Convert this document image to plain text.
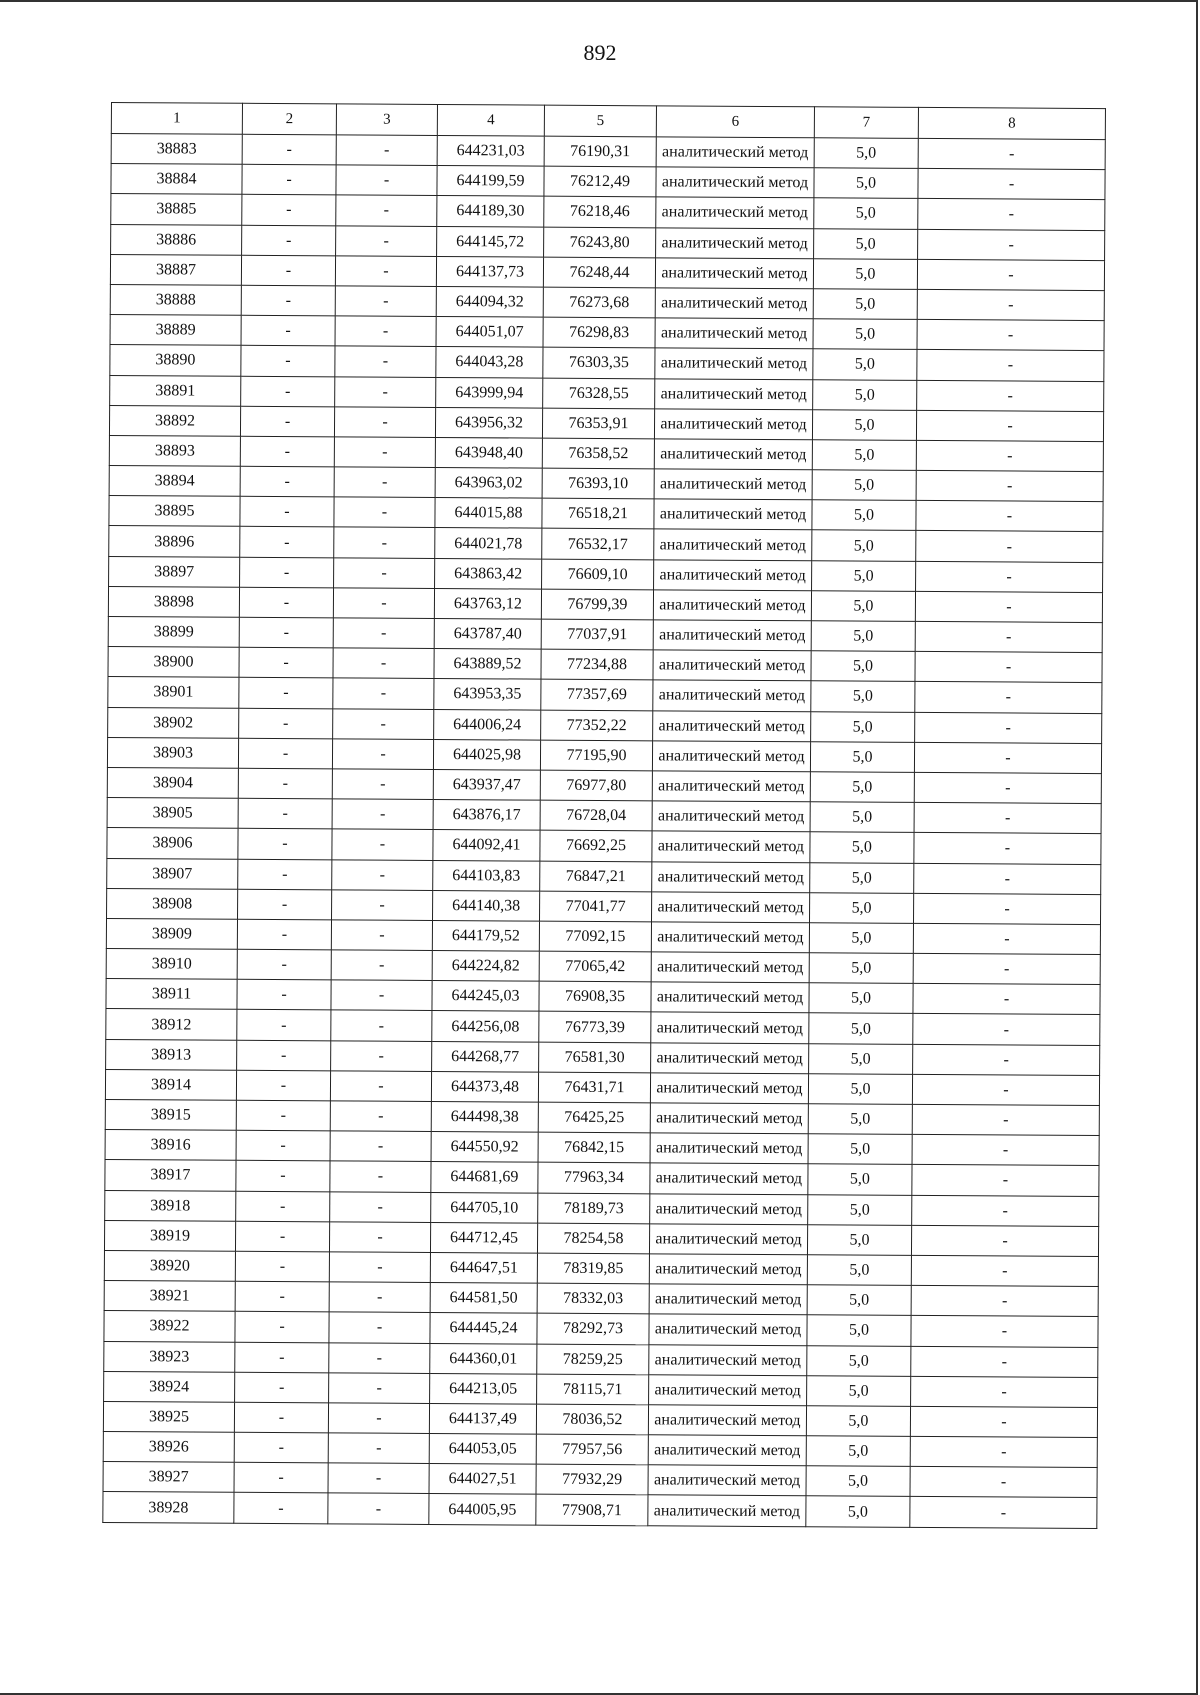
892
1	2	3	4	5	6	7	8
38883	-	-	644231,03	76190,31	аналитический метод	5,0	-
38884	-	-	644199,59	76212,49	аналитический метод	5,0	-
38885	-	-	644189,30	76218,46	аналитический метод	5,0	-
38886	-	-	644145,72	76243,80	аналитический метод	5,0	-
38887	-	-	644137,73	76248,44	аналитический метод	5,0	-
38888	-	-	644094,32	76273,68	аналитический метод	5,0	-
38889	-	-	644051,07	76298,83	аналитический метод	5,0	-
38890	-	-	644043,28	76303,35	аналитический метод	5,0	-
38891	-	-	643999,94	76328,55	аналитический метод	5,0	-
38892	-	-	643956,32	76353,91	аналитический метод	5,0	-
38893	-	-	643948,40	76358,52	аналитический метод	5,0	-
38894	-	-	643963,02	76393,10	аналитический метод	5,0	-
38895	-	-	644015,88	76518,21	аналитический метод	5,0	-
38896	-	-	644021,78	76532,17	аналитический метод	5,0	-
38897	-	-	643863,42	76609,10	аналитический метод	5,0	-
38898	-	-	643763,12	76799,39	аналитический метод	5,0	-
38899	-	-	643787,40	77037,91	аналитический метод	5,0	-
38900	-	-	643889,52	77234,88	аналитический метод	5,0	-
38901	-	-	643953,35	77357,69	аналитический метод	5,0	-
38902	-	-	644006,24	77352,22	аналитический метод	5,0	-
38903	-	-	644025,98	77195,90	аналитический метод	5,0	-
38904	-	-	643937,47	76977,80	аналитический метод	5,0	-
38905	-	-	643876,17	76728,04	аналитический метод	5,0	-
38906	-	-	644092,41	76692,25	аналитический метод	5,0	-
38907	-	-	644103,83	76847,21	аналитический метод	5,0	-
38908	-	-	644140,38	77041,77	аналитический метод	5,0	-
38909	-	-	644179,52	77092,15	аналитический метод	5,0	-
38910	-	-	644224,82	77065,42	аналитический метод	5,0	-
38911	-	-	644245,03	76908,35	аналитический метод	5,0	-
38912	-	-	644256,08	76773,39	аналитический метод	5,0	-
38913	-	-	644268,77	76581,30	аналитический метод	5,0	-
38914	-	-	644373,48	76431,71	аналитический метод	5,0	-
38915	-	-	644498,38	76425,25	аналитический метод	5,0	-
38916	-	-	644550,92	76842,15	аналитический метод	5,0	-
38917	-	-	644681,69	77963,34	аналитический метод	5,0	-
38918	-	-	644705,10	78189,73	аналитический метод	5,0	-
38919	-	-	644712,45	78254,58	аналитический метод	5,0	-
38920	-	-	644647,51	78319,85	аналитический метод	5,0	-
38921	-	-	644581,50	78332,03	аналитический метод	5,0	-
38922	-	-	644445,24	78292,73	аналитический метод	5,0	-
38923	-	-	644360,01	78259,25	аналитический метод	5,0	-
38924	-	-	644213,05	78115,71	аналитический метод	5,0	-
38925	-	-	644137,49	78036,52	аналитический метод	5,0	-
38926	-	-	644053,05	77957,56	аналитический метод	5,0	-
38927	-	-	644027,51	77932,29	аналитический метод	5,0	-
38928	-	-	644005,95	77908,71	аналитический метод	5,0	-
